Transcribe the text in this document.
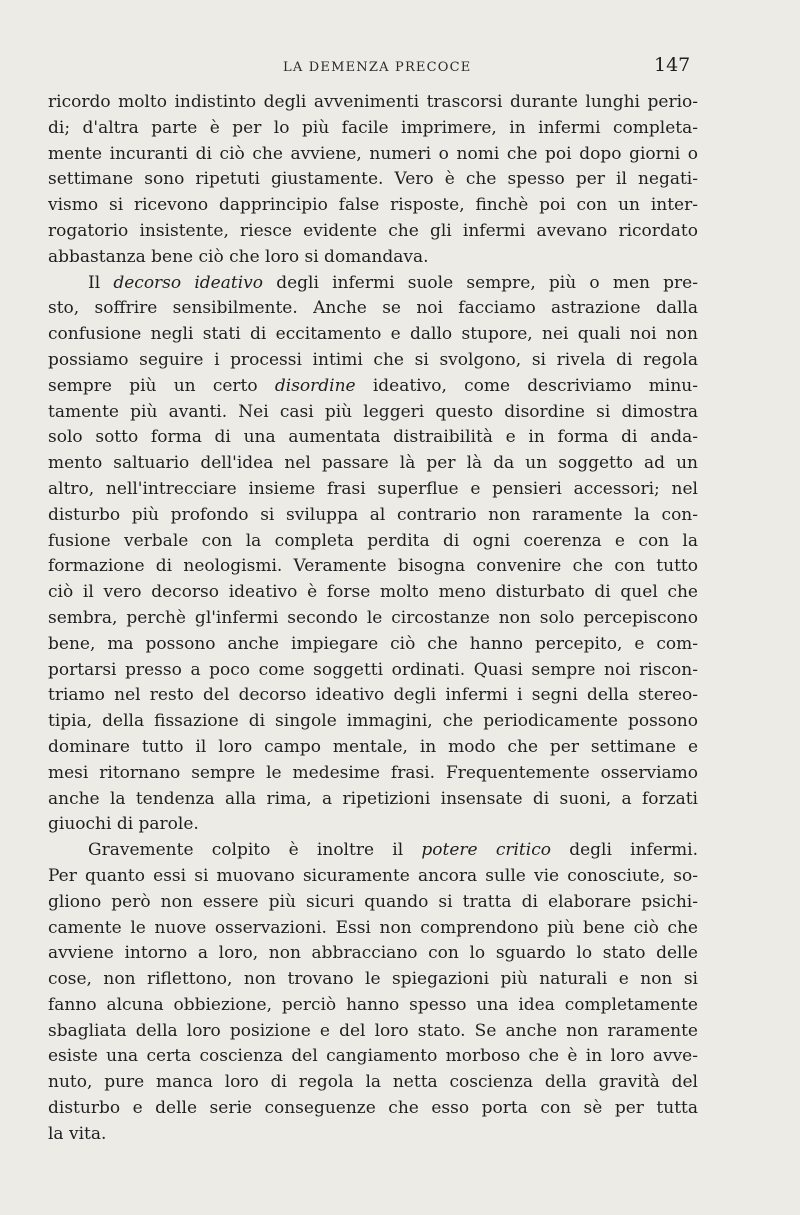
LA DEMENZA PRECOCE	147
ricordo molto indistinto degli avvenimenti trascorsi durante lunghi perio-
di; d'altra parte è per lo più facile imprimere, in infermi completa-
mente incuranti di ciò che avviene, numeri o nomi che poi dopo giorni o
settimane sono ripetuti giustamente. Vero è che spesso per il negati-
vismo si ricevono dapprincipio false risposte, finchè poi con un inter-
rogatorio insistente, riesce evidente che gli infermi avevano ricordato
abbastanza bene ciò che loro si domandava.
Il decorso ideativo degli infermi suole sempre, più o men pre-
sto, soffrire sensibilmente. Anche se noi facciamo astrazione dalla
confusione negli stati di eccitamento e dallo stupore, nei quali noi non
possiamo seguire i processi intimi che si svolgono, si rivela di regola
sempre più un certo disordine ideativo, come descriviamo minu-
tamente più avanti. Nei casi più leggeri questo disordine si dimostra
solo sotto forma di una aumentata distraibilità e in forma di anda-
mento saltuario dell'idea nel passare là per là da un soggetto ad un
altro, nell'intrecciare insieme frasi superflue e pensieri accessori; nel
disturbo più profondo si sviluppa al contrario non raramente la con-
fusione verbale con la completa perdita di ogni coerenza e con la
formazione di neologismi. Veramente bisogna convenire che con tutto
ciò il vero decorso ideativo è forse molto meno disturbato di quel che
sembra, perchè gl'infermi secondo le circostanze non solo percepiscono
bene, ma possono anche impiegare ciò che hanno percepito, e com-
portarsi presso a poco come soggetti ordinati. Quasi sempre noi riscon-
triamo nel resto del decorso ideativo degli infermi i segni della stereo-
tipia, della fissazione di singole immagini, che periodicamente possono
dominare tutto il loro campo mentale, in modo che per settimane e
mesi ritornano sempre le medesime frasi. Frequentemente osserviamo
anche la tendenza alla rima, a ripetizioni insensate di suoni, a forzati
giuochi di parole.
Gravemente colpito è inoltre il potere critico degli infermi.
Per quanto essi si muovano sicuramente ancora sulle vie conosciute, so-
gliono però non essere più sicuri quando si tratta di elaborare psichi-
camente le nuove osservazioni. Essi non comprendono più bene ciò che
avviene intorno a loro, non abbracciano con lo sguardo lo stato delle
cose, non riflettono, non trovano le spiegazioni più naturali e non si
fanno alcuna obbiezione, perciò hanno spesso una idea completamente
sbagliata della loro posizione e del loro stato. Se anche non raramente
esiste una certa coscienza del cangiamento morboso che è in loro avve-
nuto, pure manca loro di regola la netta coscienza della gravità del
disturbo e delle serie conseguenze che esso porta con sè per tutta
la vita.
